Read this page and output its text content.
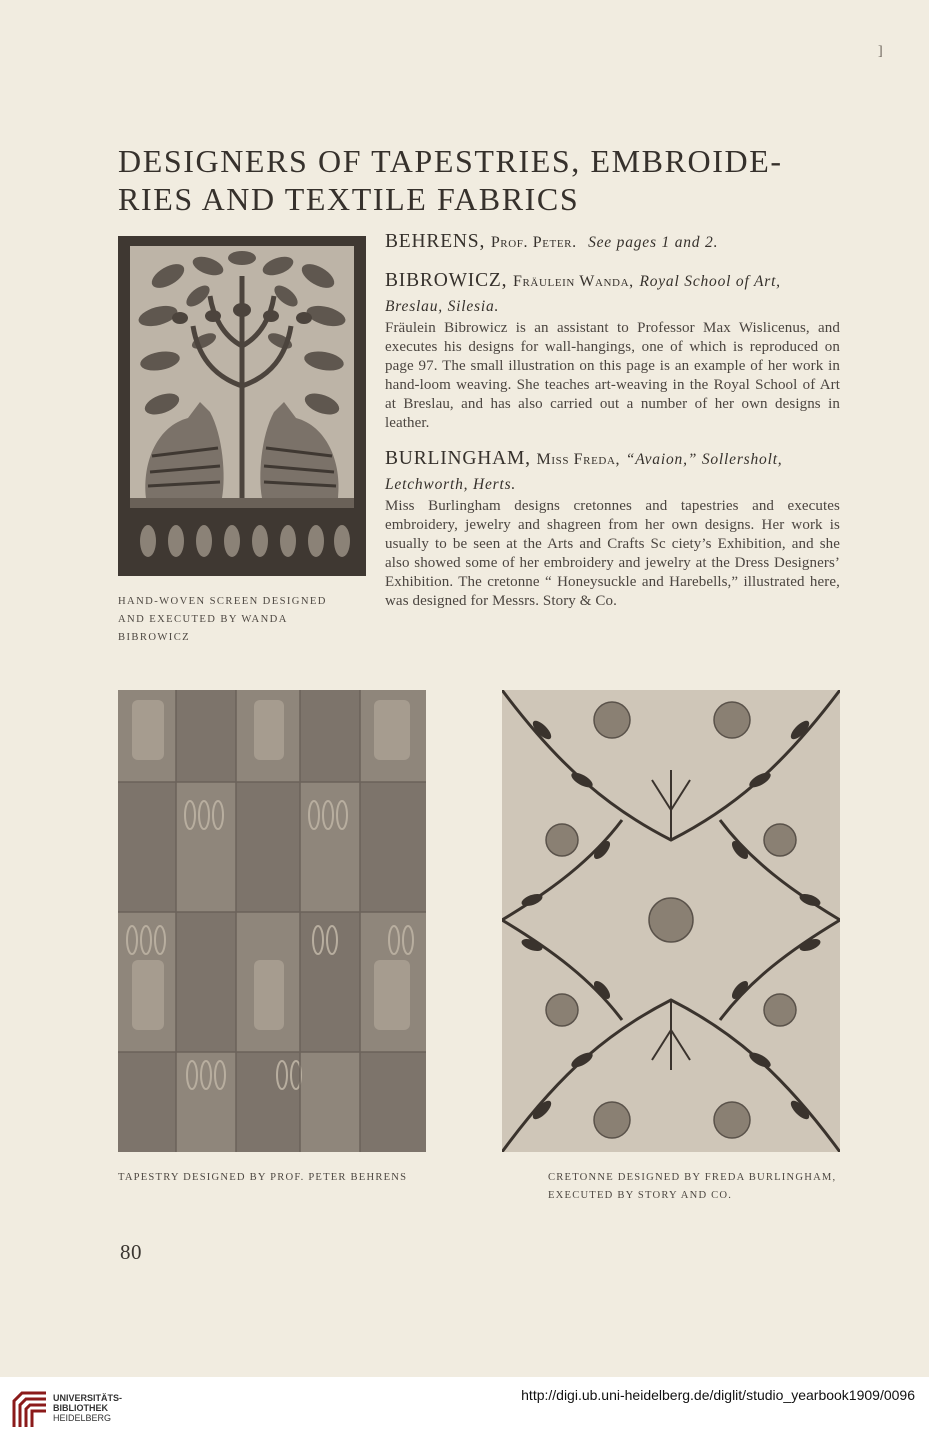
]
DESIGNERS OF TAPESTRIES, EMBROIDE-
RIES AND TEXTILE FABRICS
HAND-WOVEN SCREEN DESIGNED AND EXECUTED BY WANDA BIBROWICZ
BEHRENS, Prof. Peter. See pages 1 and 2.
BIBROWICZ, Fräulein Wanda, Royal School of Art, Breslau, Silesia.

Fräulein Bibrowicz is an assistant to Professor Max Wislicenus, and executes his designs for wall-hangings, one of which is reproduced on page 97. The small illustration on this page is an example of her work in hand-loom weaving. She teaches art-weaving in the Royal School of Art at Breslau, and has also carried out a number of her own designs in leather.

BURLINGHAM, Miss Freda, “Avaion,” Sollersholt, Letchworth, Herts.

Miss Burlingham designs cretonnes and tapestries and executes embroidery, jewelry and shagreen from her own designs. Her work is usually to be seen at the Arts and Crafts Sc ciety’s Exhibition, and she also showed some of her embroidery and jewelry at the Dress Designers’ Exhibition. The cretonne “ Honeysuckle and Harebells,” illustrated here, was designed for Messrs. Story & Co.

TAPESTRY DESIGNED BY PROF. PETER BEHRENS	CRETONNE DESIGNED BY FREDA BURLINGHAM, EXECUTED BY STORY AND CO.
80
UNIVERSITÄTS-
BIBLIOTHEK
HEIDELBERG
http://digi.ub.uni-heidelberg.de/diglit/studio_yearbook1909/0096
